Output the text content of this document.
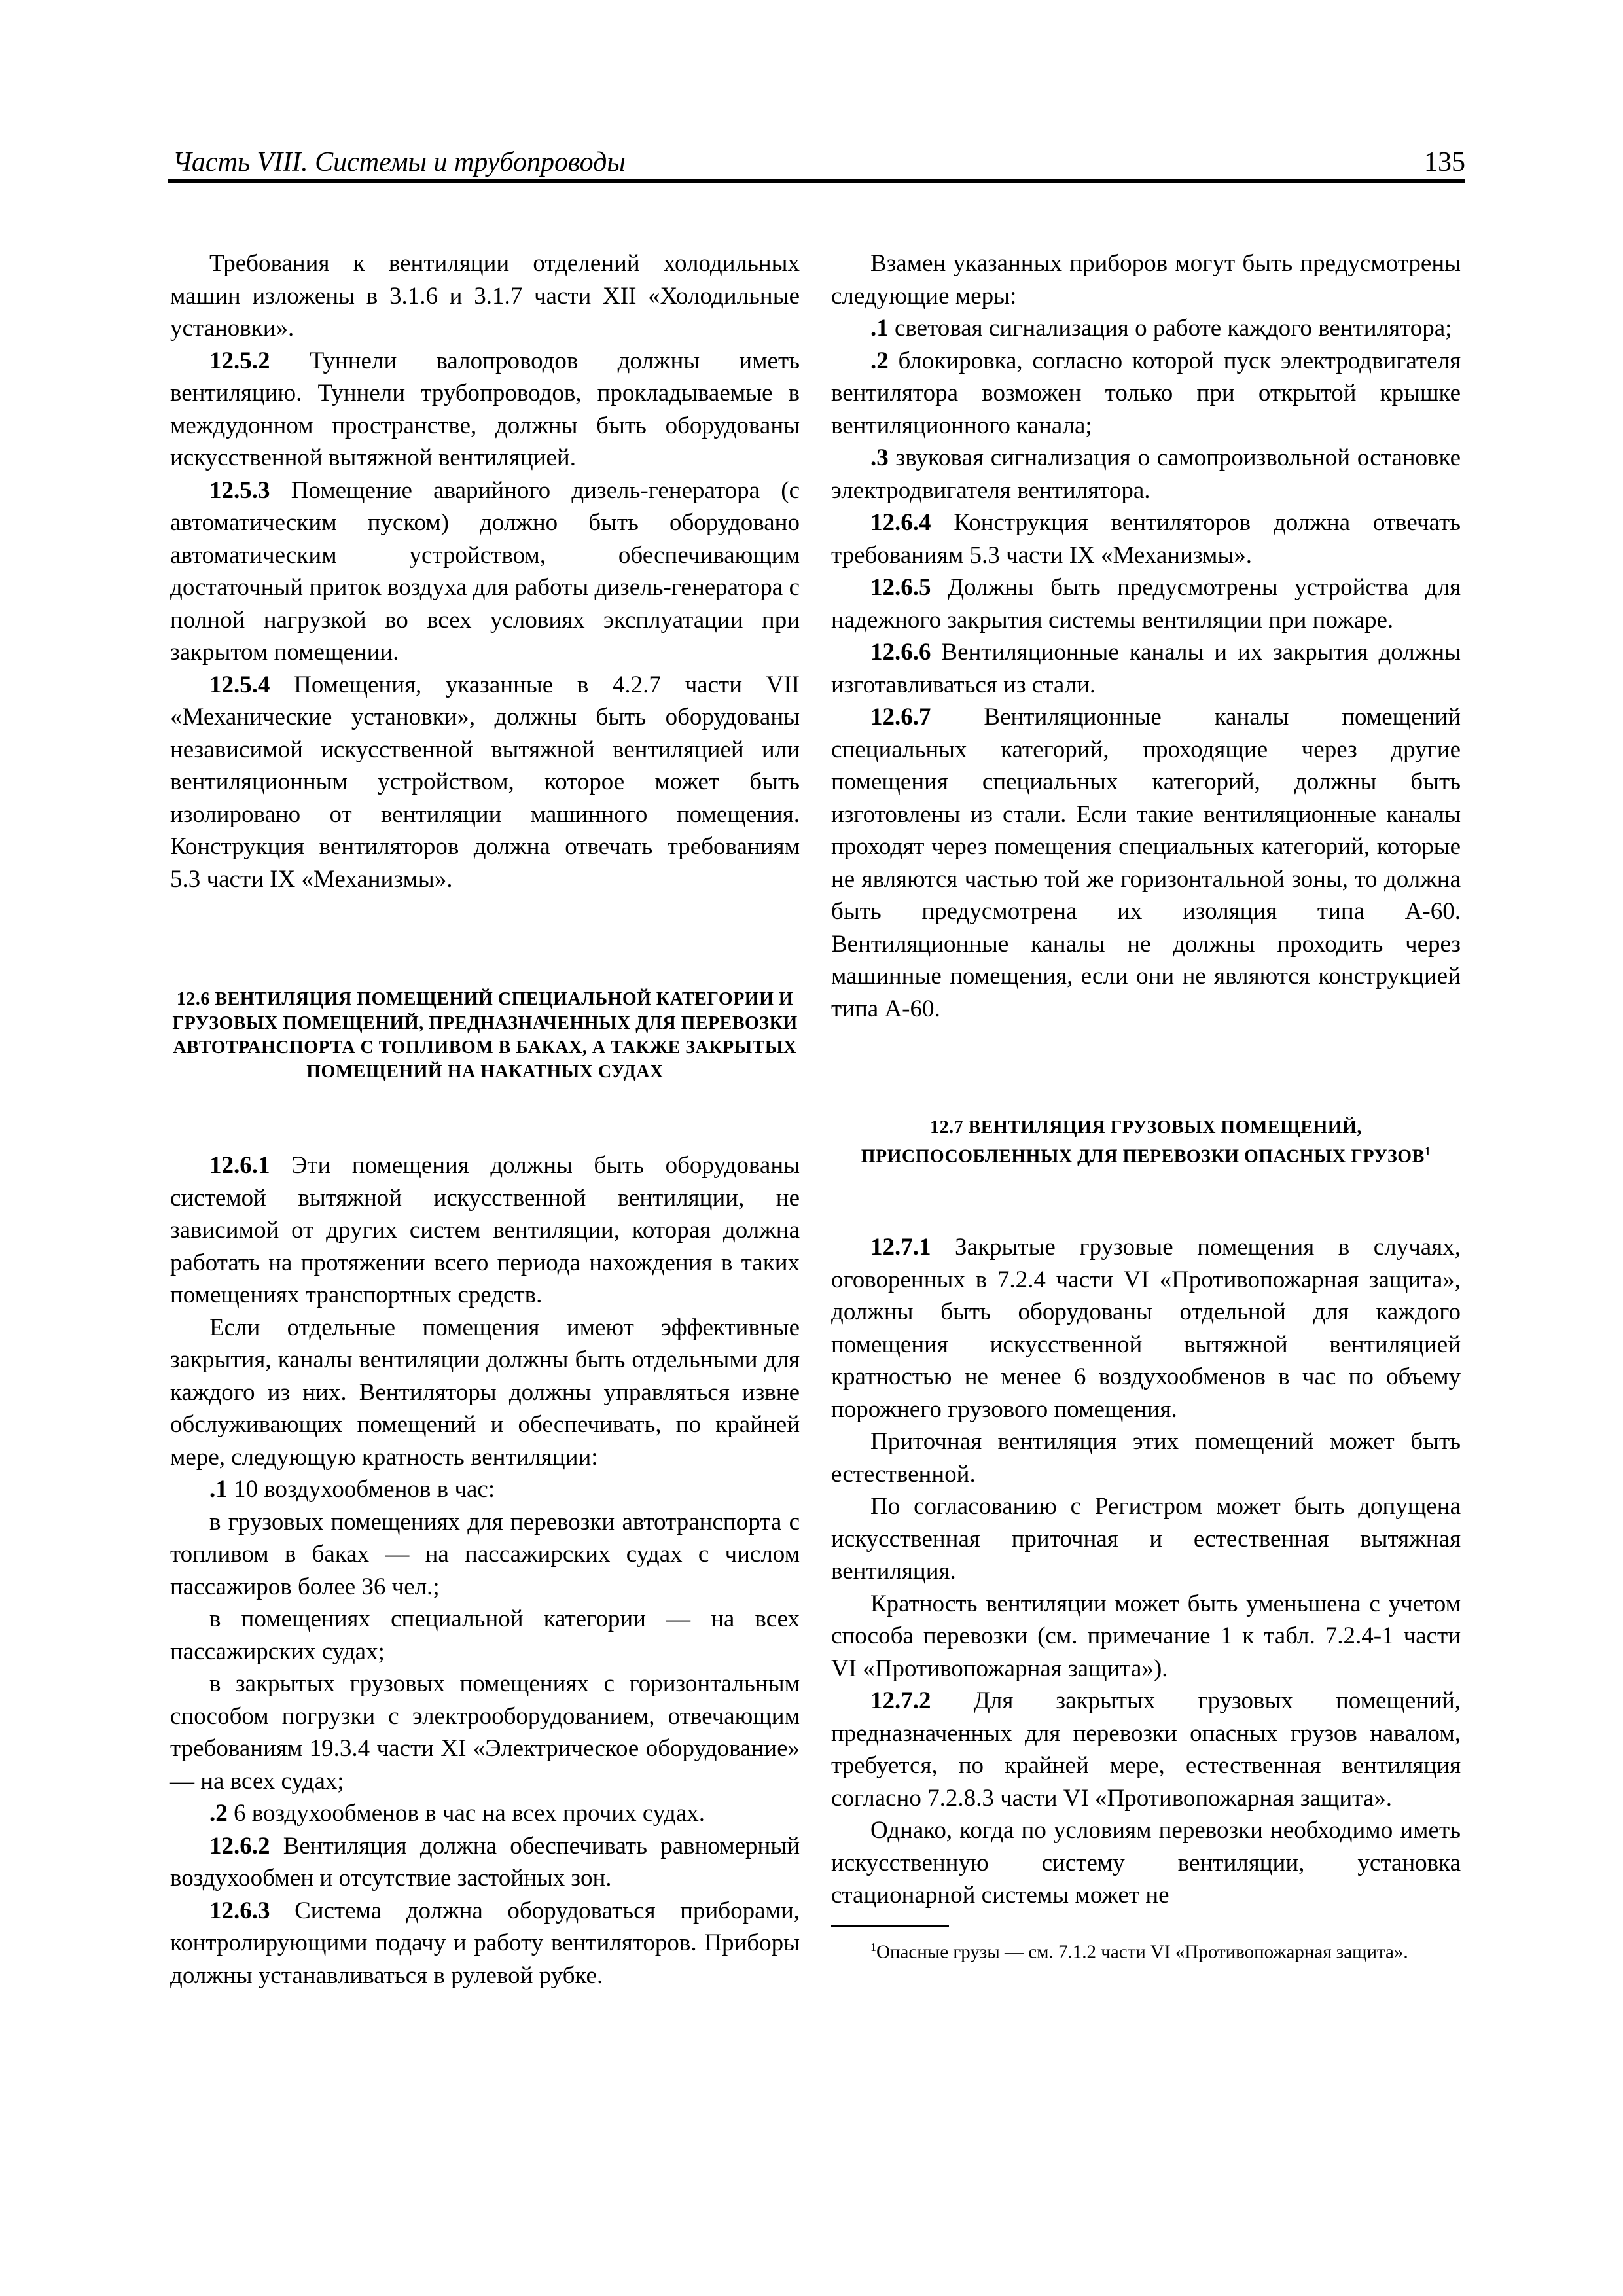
Часть VIII. Системы и трубопроводы	135

Требования к вентиляции отделений холодильных машин изложены в 3.1.6 и 3.1.7 части XII «Холодильные установки».

12.5.2 Туннели валопроводов должны иметь вентиляцию. Туннели трубопроводов, прокладываемые в междудонном пространстве, должны быть оборудованы искусственной вытяжной вентиляцией.

12.5.3 Помещение аварийного дизель-генератора (с автоматическим пуском) должно быть оборудовано автоматическим устройством, обеспечивающим достаточный приток воздуха для работы дизель-генератора с полной нагрузкой во всех условиях эксплуатации при закрытом помещении.

12.5.4 Помещения, указанные в 4.2.7 части VII «Механические установки», должны быть оборудованы независимой искусственной вытяжной вентиляцией или вентиляционным устройством, которое может быть изолировано от вентиляции машинного помещения. Конструкция вентиляторов должна отвечать требованиям 5.3 части IX «Механизмы».

12.6 ВЕНТИЛЯЦИЯ ПОМЕЩЕНИЙ СПЕЦИАЛЬНОЙ КАТЕГОРИИ И ГРУЗОВЫХ ПОМЕЩЕНИЙ, ПРЕДНАЗНАЧЕННЫХ ДЛЯ ПЕРЕВОЗКИ АВТОТРАНСПОРТА С ТОПЛИВОМ В БАКАХ, А ТАКЖЕ ЗАКРЫТЫХ ПОМЕЩЕНИЙ НА НАКАТНЫХ СУДАХ

12.6.1 Эти помещения должны быть оборудованы системой вытяжной искусственной вентиляции, не зависимой от других систем вентиляции, которая должна работать на протяжении всего периода нахождения в таких помещениях транспортных средств.

Если отдельные помещения имеют эффективные закрытия, каналы вентиляции должны быть отдельными для каждого из них. Вентиляторы должны управляться извне обслуживающих помещений и обеспечивать, по крайней мере, следующую кратность вентиляции:

.1 10 воздухообменов в час:

в грузовых помещениях для перевозки автотранспорта с топливом в баках — на пассажирских судах с числом пассажиров более 36 чел.;

в помещениях специальной категории — на всех пассажирских судах;

в закрытых грузовых помещениях с горизонтальным способом погрузки с электрооборудованием, отвечающим требованиям 19.3.4 части XI «Электрическое оборудование» — на всех судах;

.2 6 воздухообменов в час на всех прочих судах.

12.6.2 Вентиляция должна обеспечивать равномерный воздухообмен и отсутствие застойных зон.

12.6.3 Система должна оборудоваться приборами, контролирующими подачу и работу вентиляторов. Приборы должны устанавливаться в рулевой рубке.

Взамен указанных приборов могут быть предусмотрены следующие меры:

.1 световая сигнализация о работе каждого вентилятора;

.2 блокировка, согласно которой пуск электродвигателя вентилятора возможен только при открытой крышке вентиляционного канала;

.3 звуковая сигнализация о самопроизвольной остановке электродвигателя вентилятора.

12.6.4 Конструкция вентиляторов должна отвечать требованиям 5.3 части IX «Механизмы».

12.6.5 Должны быть предусмотрены устройства для надежного закрытия системы вентиляции при пожаре.

12.6.6 Вентиляционные каналы и их закрытия должны изготавливаться из стали.

12.6.7 Вентиляционные каналы помещений специальных категорий, проходящие через другие помещения специальных категорий, должны быть изготовлены из стали. Если такие вентиляционные каналы проходят через помещения специальных категорий, которые не являются частью той же горизонтальной зоны, то должна быть предусмотрена их изоляция типа A-60. Вентиляционные каналы не должны проходить через машинные помещения, если они не являются конструкцией типа A-60.

12.7 ВЕНТИЛЯЦИЯ ГРУЗОВЫХ ПОМЕЩЕНИЙ, ПРИСПОСОБЛЕННЫХ ДЛЯ ПЕРЕВОЗКИ ОПАСНЫХ ГРУЗОВ$^1$

12.7.1 Закрытые грузовые помещения в случаях, оговоренных в 7.2.4 части VI «Противопожарная защита», должны быть оборудованы отдельной для каждого помещения искусственной вытяжной вентиляцией кратностью не менее 6 воздухообменов в час по объему порожнего грузового помещения.

Приточная вентиляция этих помещений может быть естественной.

По согласованию с Регистром может быть допущена искусственная приточная и естественная вытяжная вентиляция.

Кратность вентиляции может быть уменьшена с учетом способа перевозки (см. примечание 1 к табл. 7.2.4-1 части VI «Противопожарная защита»).

12.7.2 Для закрытых грузовых помещений, предназначенных для перевозки опасных грузов навалом, требуется, по крайней мере, естественная вентиляция согласно 7.2.8.3 части VI «Противопожарная защита».

Однако, когда по условиям перевозки необходимо иметь искусственную систему вентиляции, установка стационарной системы может не

$^1$Опасные грузы — см. 7.1.2 части VI «Противопожарная защита».
